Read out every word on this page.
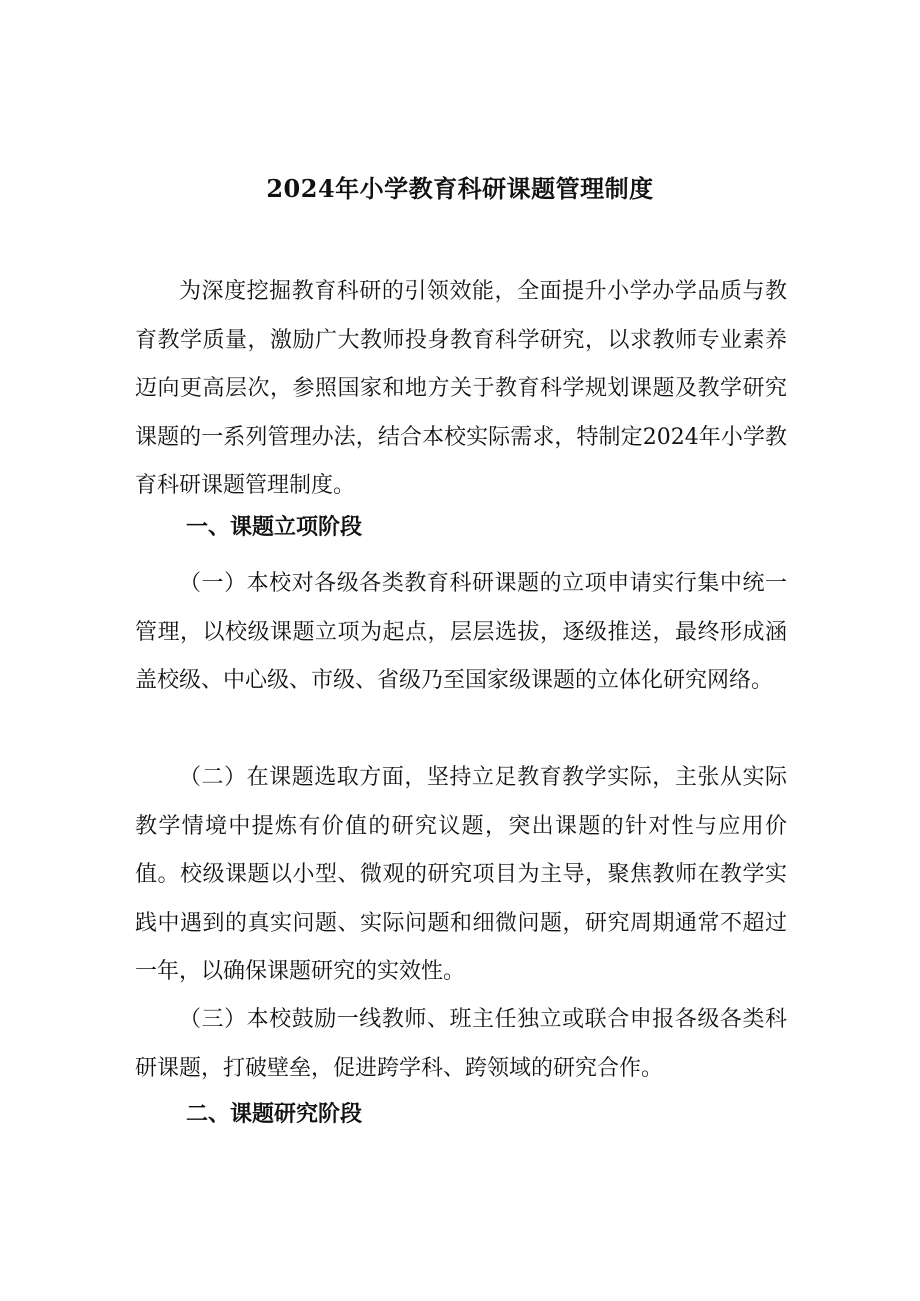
2024年小学教育科研课题管理制度

为深度挖掘教育科研的引领效能，全面提升小学办学品质与教育教学质量，激励广大教师投身教育科学研究，以求教师专业素养迈向更高层次，参照国家和地方关于教育科学规划课题及教学研究课题的一系列管理办法，结合本校实际需求，特制定2024年小学教育科研课题管理制度。

一、课题立项阶段

（一）本校对各级各类教育科研课题的立项申请实行集中统一管理，以校级课题立项为起点，层层选拔，逐级推送，最终形成涵盖校级、中心级、市级、省级乃至国家级课题的立体化研究网络。

（二）在课题选取方面，坚持立足教育教学实际，主张从实际教学情境中提炼有价值的研究议题，突出课题的针对性与应用价值。校级课题以小型、微观的研究项目为主导，聚焦教师在教学实践中遇到的真实问题、实际问题和细微问题，研究周期通常不超过一年，以确保课题研究的实效性。

（三）本校鼓励一线教师、班主任独立或联合申报各级各类科研课题，打破壁垒，促进跨学科、跨领域的研究合作。

二、课题研究阶段
